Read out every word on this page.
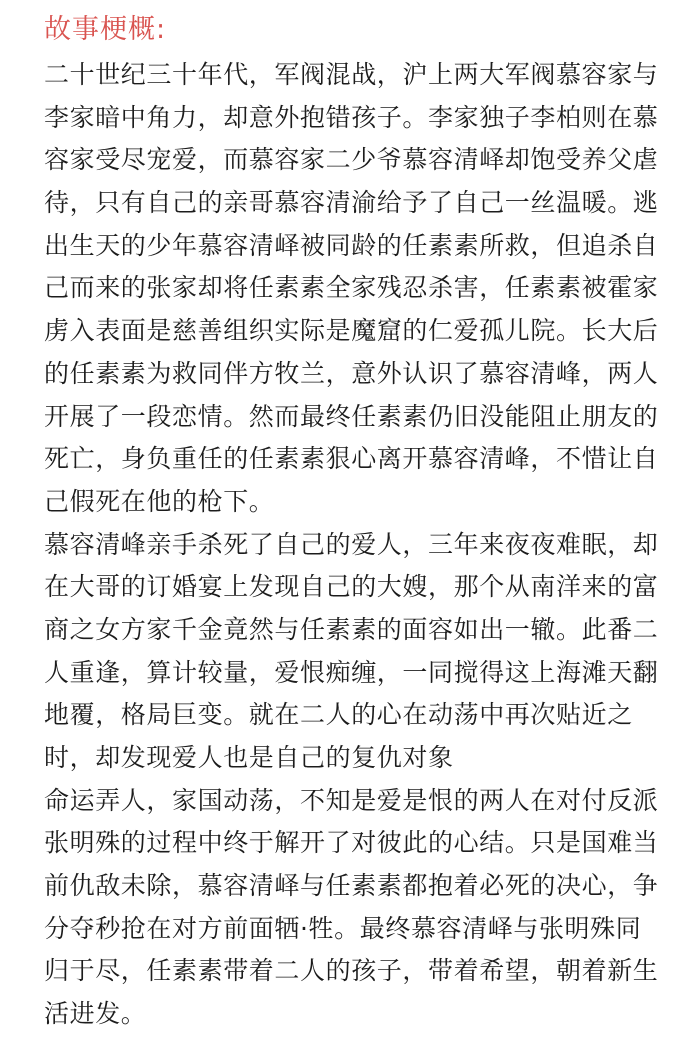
故事梗概:

二十世纪三十年代，军阀混战，沪上两大军阀慕容家与

李家暗中角力，却意外抱错孩子。李家独子李柏则在慕

容家受尽宠爱，而慕容家二少爷慕容清峄却饱受养父虐

待，只有自己的亲哥慕容清渝给予了自己一丝温暖。逃

出生天的少年慕容清峄被同龄的任素素所救，但追杀自

己而来的张家却将任素素全家残忍杀害，任素素被霍家

虏入表面是慈善组织实际是魔窟的仁爱孤儿院。长大后

的任素素为救同伴方牧兰，意外认识了慕容清峰，两人

开展了一段恋情。然而最终任素素仍旧没能阻止朋友的

死亡，身负重任的任素素狠心离开慕容清峰，不惜让自

己假死在他的枪下。

慕容清峰亲手杀死了自己的爱人，三年来夜夜难眠，却

在大哥的订婚宴上发现自己的大嫂，那个从南洋来的富

商之女方家千金竟然与任素素的面容如出一辙。此番二

人重逢，算计较量，爱恨痴缠，一同搅得这上海滩天翻

地覆，格局巨变。就在二人的心在动荡中再次贴近之

时，却发现爱人也是自己的复仇对象

命运弄人，家国动荡，不知是爱是恨的两人在对付反派

张明殊的过程中终于解开了对彼此的心结。只是国难当

前仇敌未除，慕容清峄与任素素都抱着必死的决心，争

分夺秒抢在对方前面牺·牲。最终慕容清峄与张明殊同

归于尽，任素素带着二人的孩子，带着希望，朝着新生

活进发。
